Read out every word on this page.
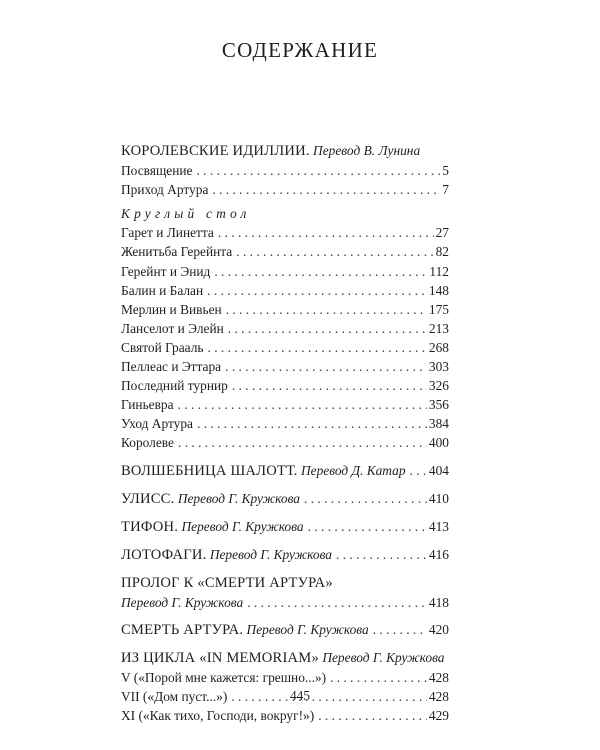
СОДЕРЖАНИЕ
КОРОЛЕВСКИЕ ИДИЛЛИИ. Перевод В. Лунина
Посвящение . . .	5
Приход Артура . . .	7
Круглый стол
Гарет и Линетта . . .	27
Женитьба Герейнта . . .	82
Герейнт и Энид . . .	112
Балин и Балан . . .	148
Мерлин и Вивьен . . .	175
Ланселот и Элейн . . .	213
Святой Грааль . . .	268
Пеллеас и Эттара . . .	303
Последний турнир . . .	326
Гиньевра . . .	356
Уход Артура . . .	384
Королеве . . .	400
ВОЛШЕБНИЦА ШАЛОТТ. Перевод Д. Катар . . . 404
УЛИСС. Перевод Г. Кружкова . . .	410
ТИФОН. Перевод Г. Кружкова . . .	413
ЛОТОФАГИ. Перевод Г. Кружкова . . .	416
ПРОЛОГ К «СМЕРТИ АРТУРА»
Перевод Г. Кружкова . . .	418
СМЕРТЬ АРТУРА. Перевод Г. Кружкова . . .	420
ИЗ ЦИКЛА «IN MEMORIAM» Перевод Г. Кружкова
V («Порой мне кажется: грешно...») . . .	428
VII («Дом пуст...») . . .	428
XI («Как тихо, Господи, вокруг!») . . .	429

445
